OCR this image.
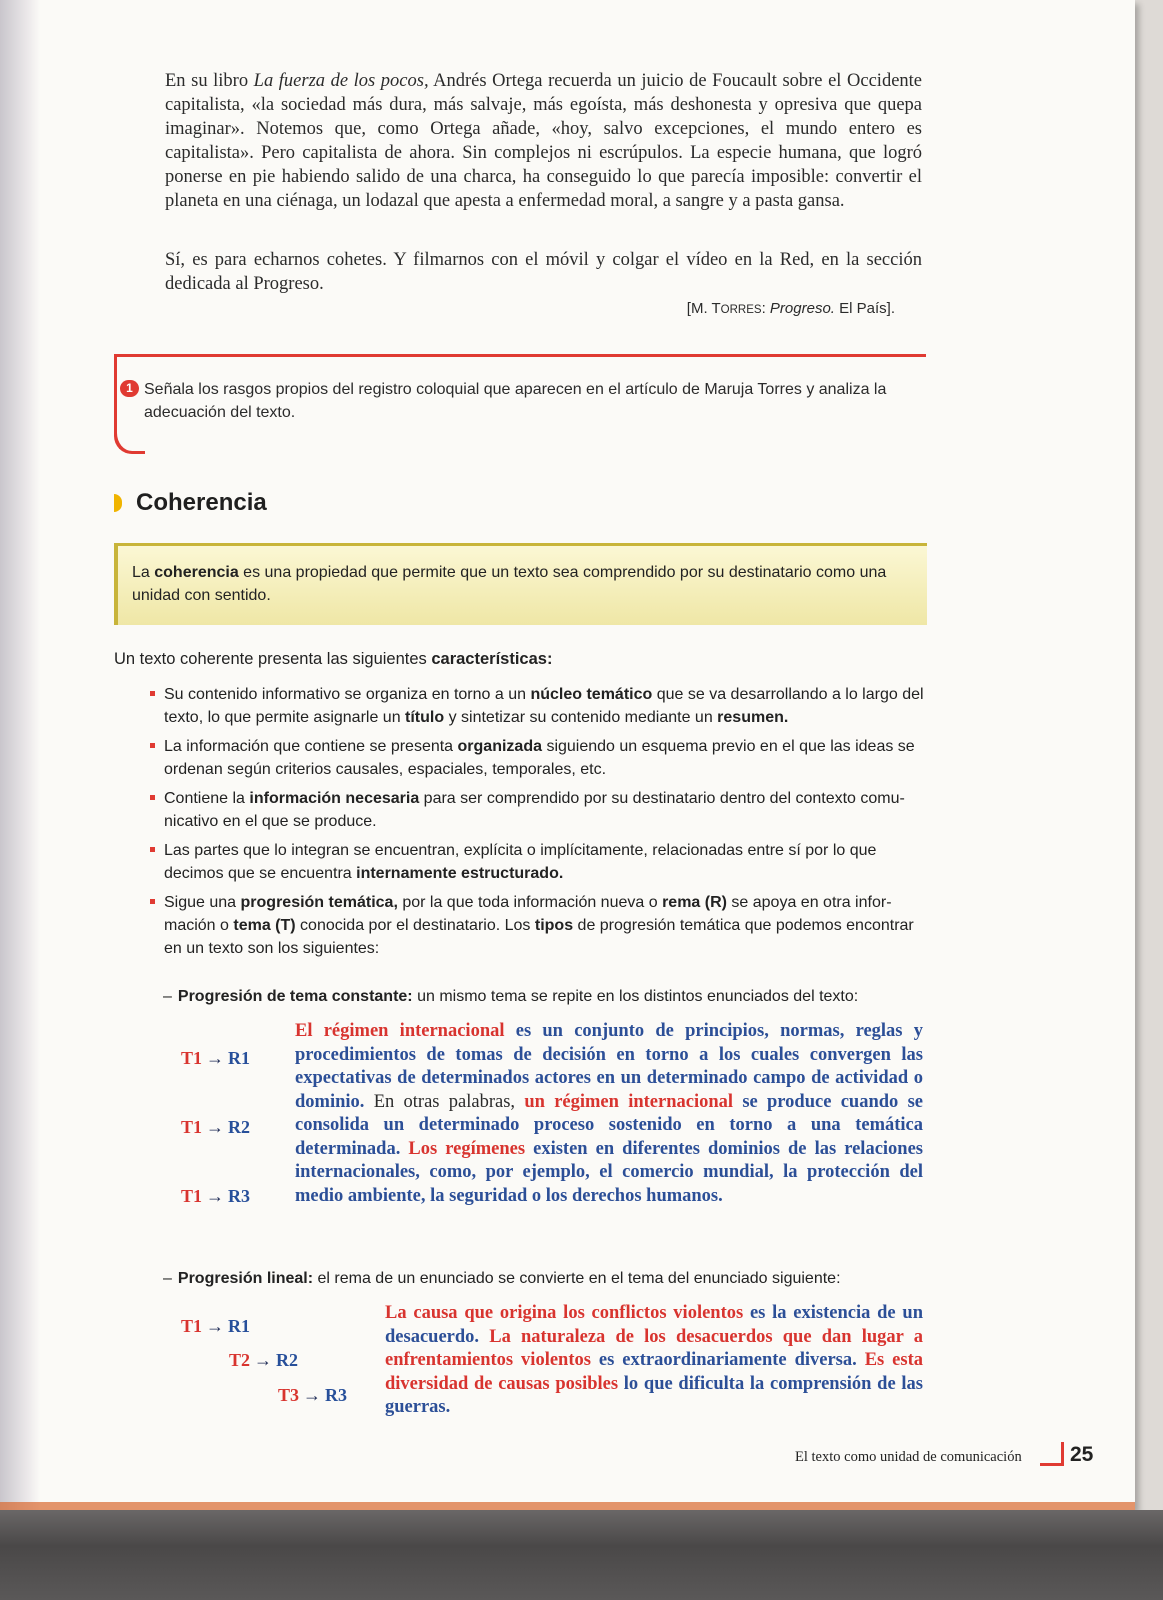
En su libro La fuerza de los pocos, Andrés Ortega recuerda un juicio de Foucault sobre el Occidente capitalista, «la sociedad más dura, más salvaje, más egoísta, más deshonesta y opresiva que quepa imaginar». Notemos que, como Ortega añade, «hoy, salvo excepciones, el mundo entero es capitalista». Pero capitalista de ahora. Sin complejos ni escrúpulos. La especie humana, que logró ponerse en pie habiendo salido de una charca, ha conseguido lo que parecía imposible: convertir el planeta en una ciénaga, un lodazal que apesta a enfermedad moral, a sangre y a pasta gansa.

Sí, es para echarnos cohetes. Y filmarnos con el móvil y colgar el vídeo en la Red, en la sección dedicada al Progreso.

[M. TORRES: Progreso. El País].
1 Señala los rasgos propios del registro coloquial que aparecen en el artículo de Maruja Torres y analiza la adecuación del texto.
Coherencia
La coherencia es una propiedad que permite que un texto sea comprendido por su destinatario como una unidad con sentido.
Un texto coherente presenta las siguientes características:
Su contenido informativo se organiza en torno a un núcleo temático que se va desarrollando a lo largo del texto, lo que permite asignarle un título y sintetizar su contenido mediante un resumen.
La información que contiene se presenta organizada siguiendo un esquema previo en el que las ideas se ordenan según criterios causales, espaciales, temporales, etc.
Contiene la información necesaria para ser comprendido por su destinatario dentro del contexto comunicativo en el que se produce.
Las partes que lo integran se encuentran, explícita o implícitamente, relacionadas entre sí por lo que decimos que se encuentra internamente estructurado.
Sigue una progresión temática, por la que toda información nueva o rema (R) se apoya en otra información o tema (T) conocida por el destinatario. Los tipos de progresión temática que podemos encontrar en un texto son los siguientes:
– Progresión de tema constante: un mismo tema se repite en los distintos enunciados del texto:
T1 → R1
T1 → R2
T1 → R3
El régimen internacional es un conjunto de principios, normas, reglas y procedimientos de tomas de decisión en torno a los cuales convergen las expectativas de determinados actores en un determinado campo de actividad o dominio. En otras palabras, un régimen internacional se produce cuando se consolida un determinado proceso sostenido en torno a una temática determinada. Los regímenes existen en diferentes dominios de las relaciones internacionales, como, por ejemplo, el comercio mundial, la protección del medio ambiente, la seguridad o los derechos humanos.
– Progresión lineal: el rema de un enunciado se convierte en el tema del enunciado siguiente:
T1 → R1
T2 → R2
T3 → R3
La causa que origina los conflictos violentos es la existencia de un desacuerdo. La naturaleza de los desacuerdos que dan lugar a enfrentamientos violentos es extraordinariamente diversa. Es esta diversidad de causas posibles lo que dificulta la comprensión de las guerras.
El texto como unidad de comunicación 25
